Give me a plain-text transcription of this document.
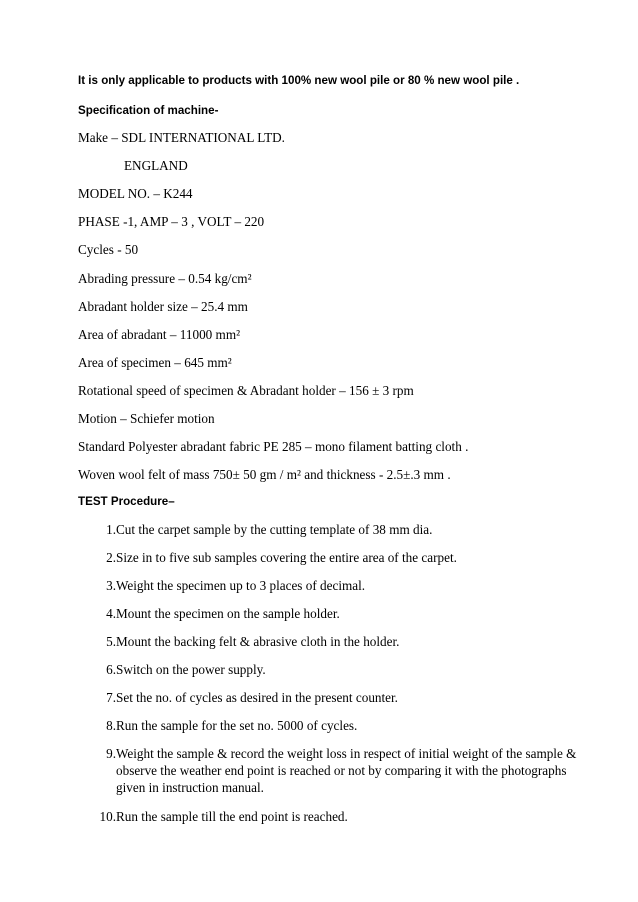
It is only applicable to products with 100% new wool pile or 80 % new wool pile .
Specification of machine-
Make – SDL INTERNATIONAL LTD.
ENGLAND
MODEL NO. – K244
PHASE -1, AMP – 3 , VOLT – 220
Cycles - 50
Abrading pressure – 0.54 kg/cm²
Abradant holder size – 25.4 mm
Area of abradant – 11000 mm²
Area of specimen – 645 mm²
Rotational speed of specimen & Abradant holder – 156 ± 3 rpm
Motion – Schiefer motion
Standard Polyester abradant fabric PE 285 – mono filament batting cloth .
Woven wool felt of mass 750± 50 gm / m² and thickness - 2.5±.3 mm .
TEST Procedure–
1. Cut the carpet sample by the cutting template of 38 mm dia.
2. Size in to five sub samples covering the entire area of the carpet.
3. Weight the specimen up to 3 places of decimal.
4. Mount the specimen on the sample holder.
5. Mount the backing felt & abrasive cloth in the holder.
6. Switch on the power supply.
7. Set the no. of cycles as desired in the present counter.
8. Run the sample for the set no. 5000 of cycles.
9. Weight the sample & record the weight loss in respect of initial weight of the sample & observe the weather end point is reached or not by comparing it with the photographs given in instruction manual.
10. Run the sample till the end point is reached.
